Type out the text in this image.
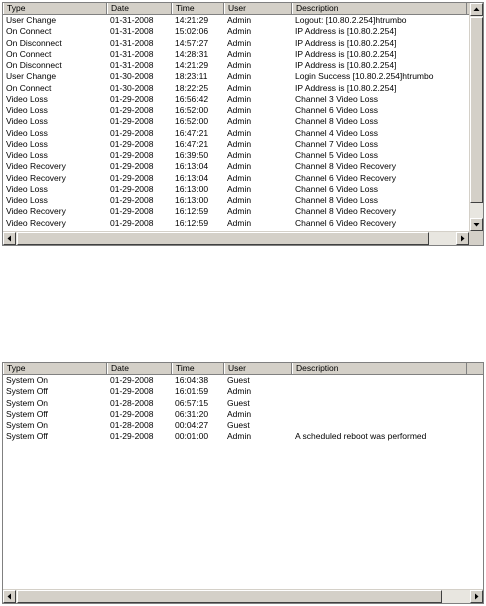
Type	Date	Time	User	Description
User Change	01-31-2008	14:21:29	Admin	Logout: [10.80.2.254]htrumbo
On Connect	01-31-2008	15:02:06	Admin	IP Address is [10.80.2.254]
On Disconnect	01-31-2008	14:57:27	Admin	IP Address is [10.80.2.254]
On Connect	01-31-2008	14:28:31	Admin	IP Address is [10.80.2.254]
On Disconnect	01-31-2008	14:21:29	Admin	IP Address is [10.80.2.254]
User Change	01-30-2008	18:23:11	Admin	Login Success [10.80.2.254]htrumbo
On Connect	01-30-2008	18:22:25	Admin	IP Address is [10.80.2.254]
Video Loss	01-29-2008	16:56:42	Admin	Channel 3 Video Loss
Video Loss	01-29-2008	16:52:00	Admin	Channel 6 Video Loss
Video Loss	01-29-2008	16:52:00	Admin	Channel 8 Video Loss
Video Loss	01-29-2008	16:47:21	Admin	Channel 4 Video Loss
Video Loss	01-29-2008	16:47:21	Admin	Channel 7 Video Loss
Video Loss	01-29-2008	16:39:50	Admin	Channel 5 Video Loss
Video Recovery	01-29-2008	16:13:04	Admin	Channel 8 Video Recovery
Video Recovery	01-29-2008	16:13:04	Admin	Channel 6 Video Recovery
Video Loss	01-29-2008	16:13:00	Admin	Channel 6 Video Loss
Video Loss	01-29-2008	16:13:00	Admin	Channel 8 Video Loss
Video Recovery	01-29-2008	16:12:59	Admin	Channel 8 Video Recovery
Video Recovery	01-29-2008	16:12:59	Admin	Channel 6 Video Recovery
Type	Date	Time	User	Description
System On	01-29-2008	16:04:38	Guest
System Off	01-29-2008	16:01:59	Admin
System On	01-28-2008	06:57:15	Guest
System Off	01-29-2008	06:31:20	Admin
System On	01-28-2008	00:04:27	Guest
System Off	01-29-2008	00:01:00	Admin	A scheduled reboot was performed
